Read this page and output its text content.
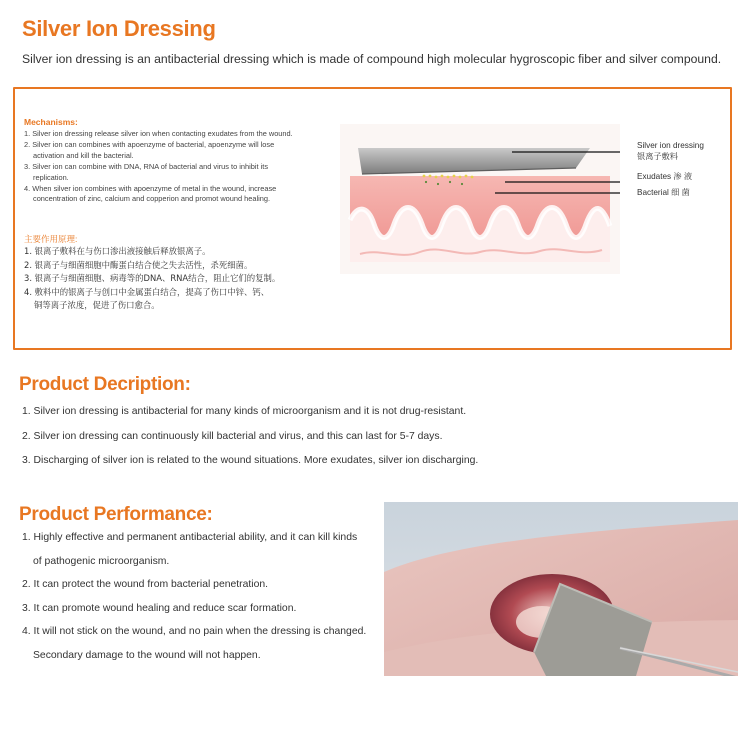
Silver Ion Dressing
Silver ion dressing is an antibacterial dressing which is made of compound high molecular hygroscopic fiber and silver compound.
Mechanisms:
1. Silver ion dressing release silver ion when contacting exudates from the wound.
2. Silver ion can combines with apoenzyme of bacterial, apoenzyme will lose
activation and kill the bacterial.
3. Silver ion can combine with DNA, RNA of bacterial and virus to inhibit its
replication.
4. When silver ion combines with apoenzyme of metal in the wound, increase
concentration of zinc, calcium and copperion and promot wound healing.
主要作用原理:
1. 银离子敷料在与伤口渗出液接触后释放银离子。
2. 银离子与细菌细胞中酶蛋白结合使之失去活性，杀死细菌。
3. 银离子与细菌细胞、病毒等的DNA、RNA结合，阻止它们的复制。
4. 敷料中的银离子与创口中金属蛋白结合，提高了伤口中锌、钙、
铜等离子浓度，促进了伤口愈合。
Silver ion dressing
银离子敷料
Exudates 渗 液
Bacterial 细 菌
Product Decription:
1. Silver ion dressing is antibacterial for many kinds of microorganism and it is not drug-resistant.
2. Silver ion dressing can continuously kill bacterial and virus, and this can last for 5-7 days.
3. Discharging of silver ion is related to the wound situations. More exudates, silver ion discharging.
Product Performance:
1. Highly effective and permanent antibacterial ability, and it can kill kinds
of pathogenic microorganism.
2. It can protect the wound from bacterial penetration.
3. It can promote wound healing and reduce scar formation.
4. It will not stick on the wound, and no pain when the dressing is changed.
Secondary damage to the wound will not happen.
